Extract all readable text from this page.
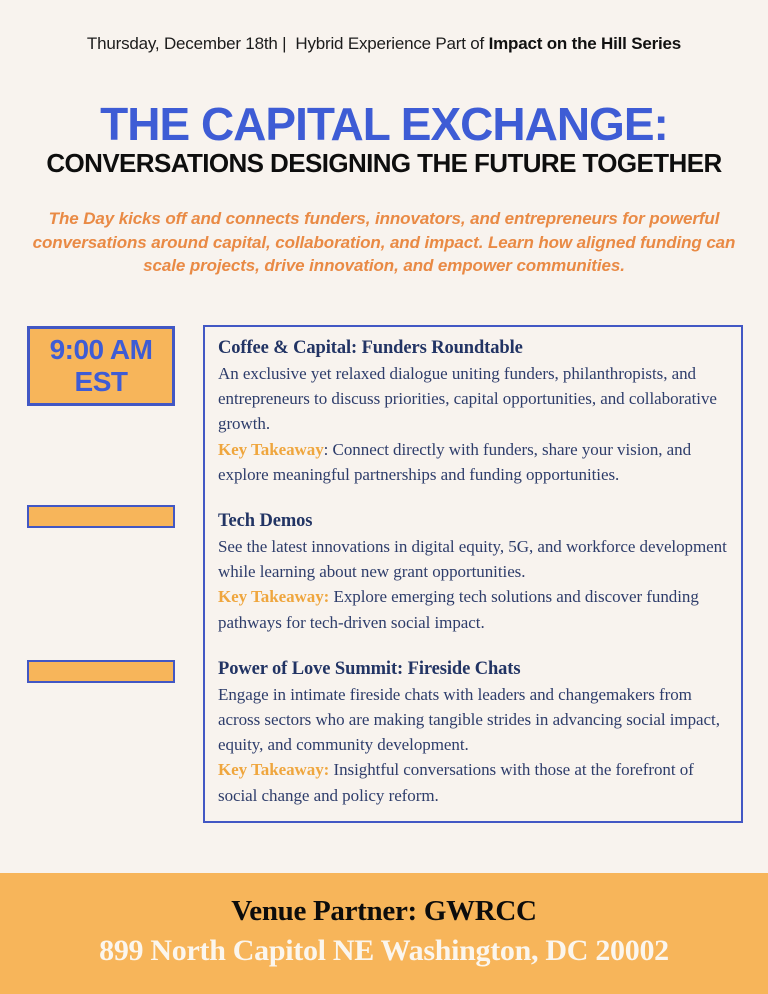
Thursday, December 18th |  Hybrid Experience Part of Impact on the Hill Series
THE CAPITAL EXCHANGE:
CONVERSATIONS DESIGNING THE FUTURE TOGETHER

The Day kicks off and connects funders, innovators, and entrepreneurs for powerful conversations around capital, collaboration, and impact. Learn how aligned funding can scale projects, drive innovation, and empower communities.

9:00 AM
EST
Coffee & Capital: Funders Roundtable

An exclusive yet relaxed dialogue uniting funders, philanthropists, and entrepreneurs to discuss priorities, capital opportunities, and collaborative growth.

Key Takeaway: Connect directly with funders, share your vision, and explore meaningful partnerships and funding opportunities.

Tech Demos

See the latest innovations in digital equity, 5G, and workforce development while learning about new grant opportunities.

Key Takeaway: Explore emerging tech solutions and discover funding pathways for tech-driven social impact.

Power of Love Summit: Fireside Chats

Engage in intimate fireside chats with leaders and changemakers from across sectors who are making tangible strides in advancing social impact, equity, and community development.

Key Takeaway: Insightful conversations with those at the forefront of social change and policy reform.

Venue Partner: GWRCC
899 North Capitol NE Washington, DC 20002
